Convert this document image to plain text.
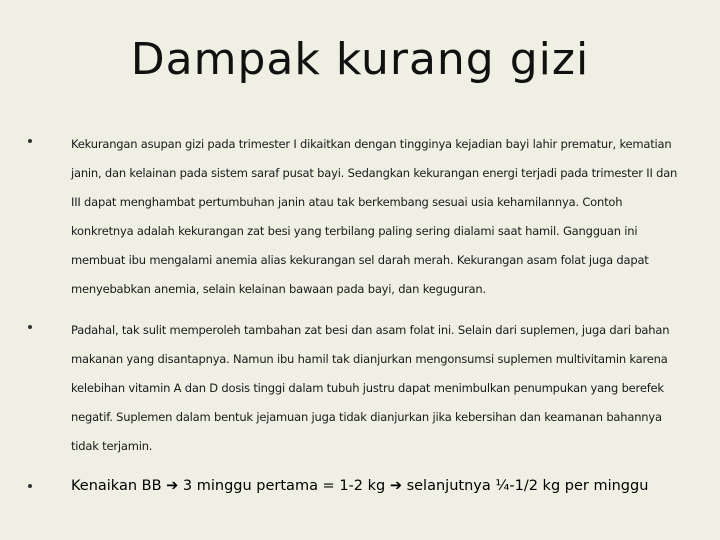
Dampak kurang gizi
Kekurangan asupan gizi pada trimester I dikaitkan dengan tingginya kejadian bayi lahir prematur, kematian janin, dan kelainan pada sistem saraf pusat bayi. Sedangkan kekurangan energi terjadi pada trimester II dan III dapat menghambat pertumbuhan janin atau tak berkembang sesuai usia kehamilannya. Contoh konkretnya adalah kekurangan zat besi yang terbilang paling sering dialami saat hamil. Gangguan ini membuat ibu mengalami anemia alias kekurangan sel darah merah. Kekurangan asam folat juga dapat menyebabkan anemia, selain kelainan bawaan pada bayi, dan keguguran.
Padahal, tak sulit memperoleh tambahan zat besi dan asam folat ini. Selain dari suplemen, juga dari bahan makanan yang disantapnya. Namun ibu hamil tak dianjurkan mengonsumsi suplemen multivitamin karena kelebihan vitamin A dan D dosis tinggi dalam tubuh justru dapat menimbulkan penumpukan yang berefek negatif. Suplemen dalam bentuk jejamuan juga tidak dianjurkan jika kebersihan dan keamanan bahannya tidak terjamin.
Kenaikan BB ➔ 3 minggu pertama = 1-2 kg ➔ selanjutnya ¼-1/2 kg per minggu
